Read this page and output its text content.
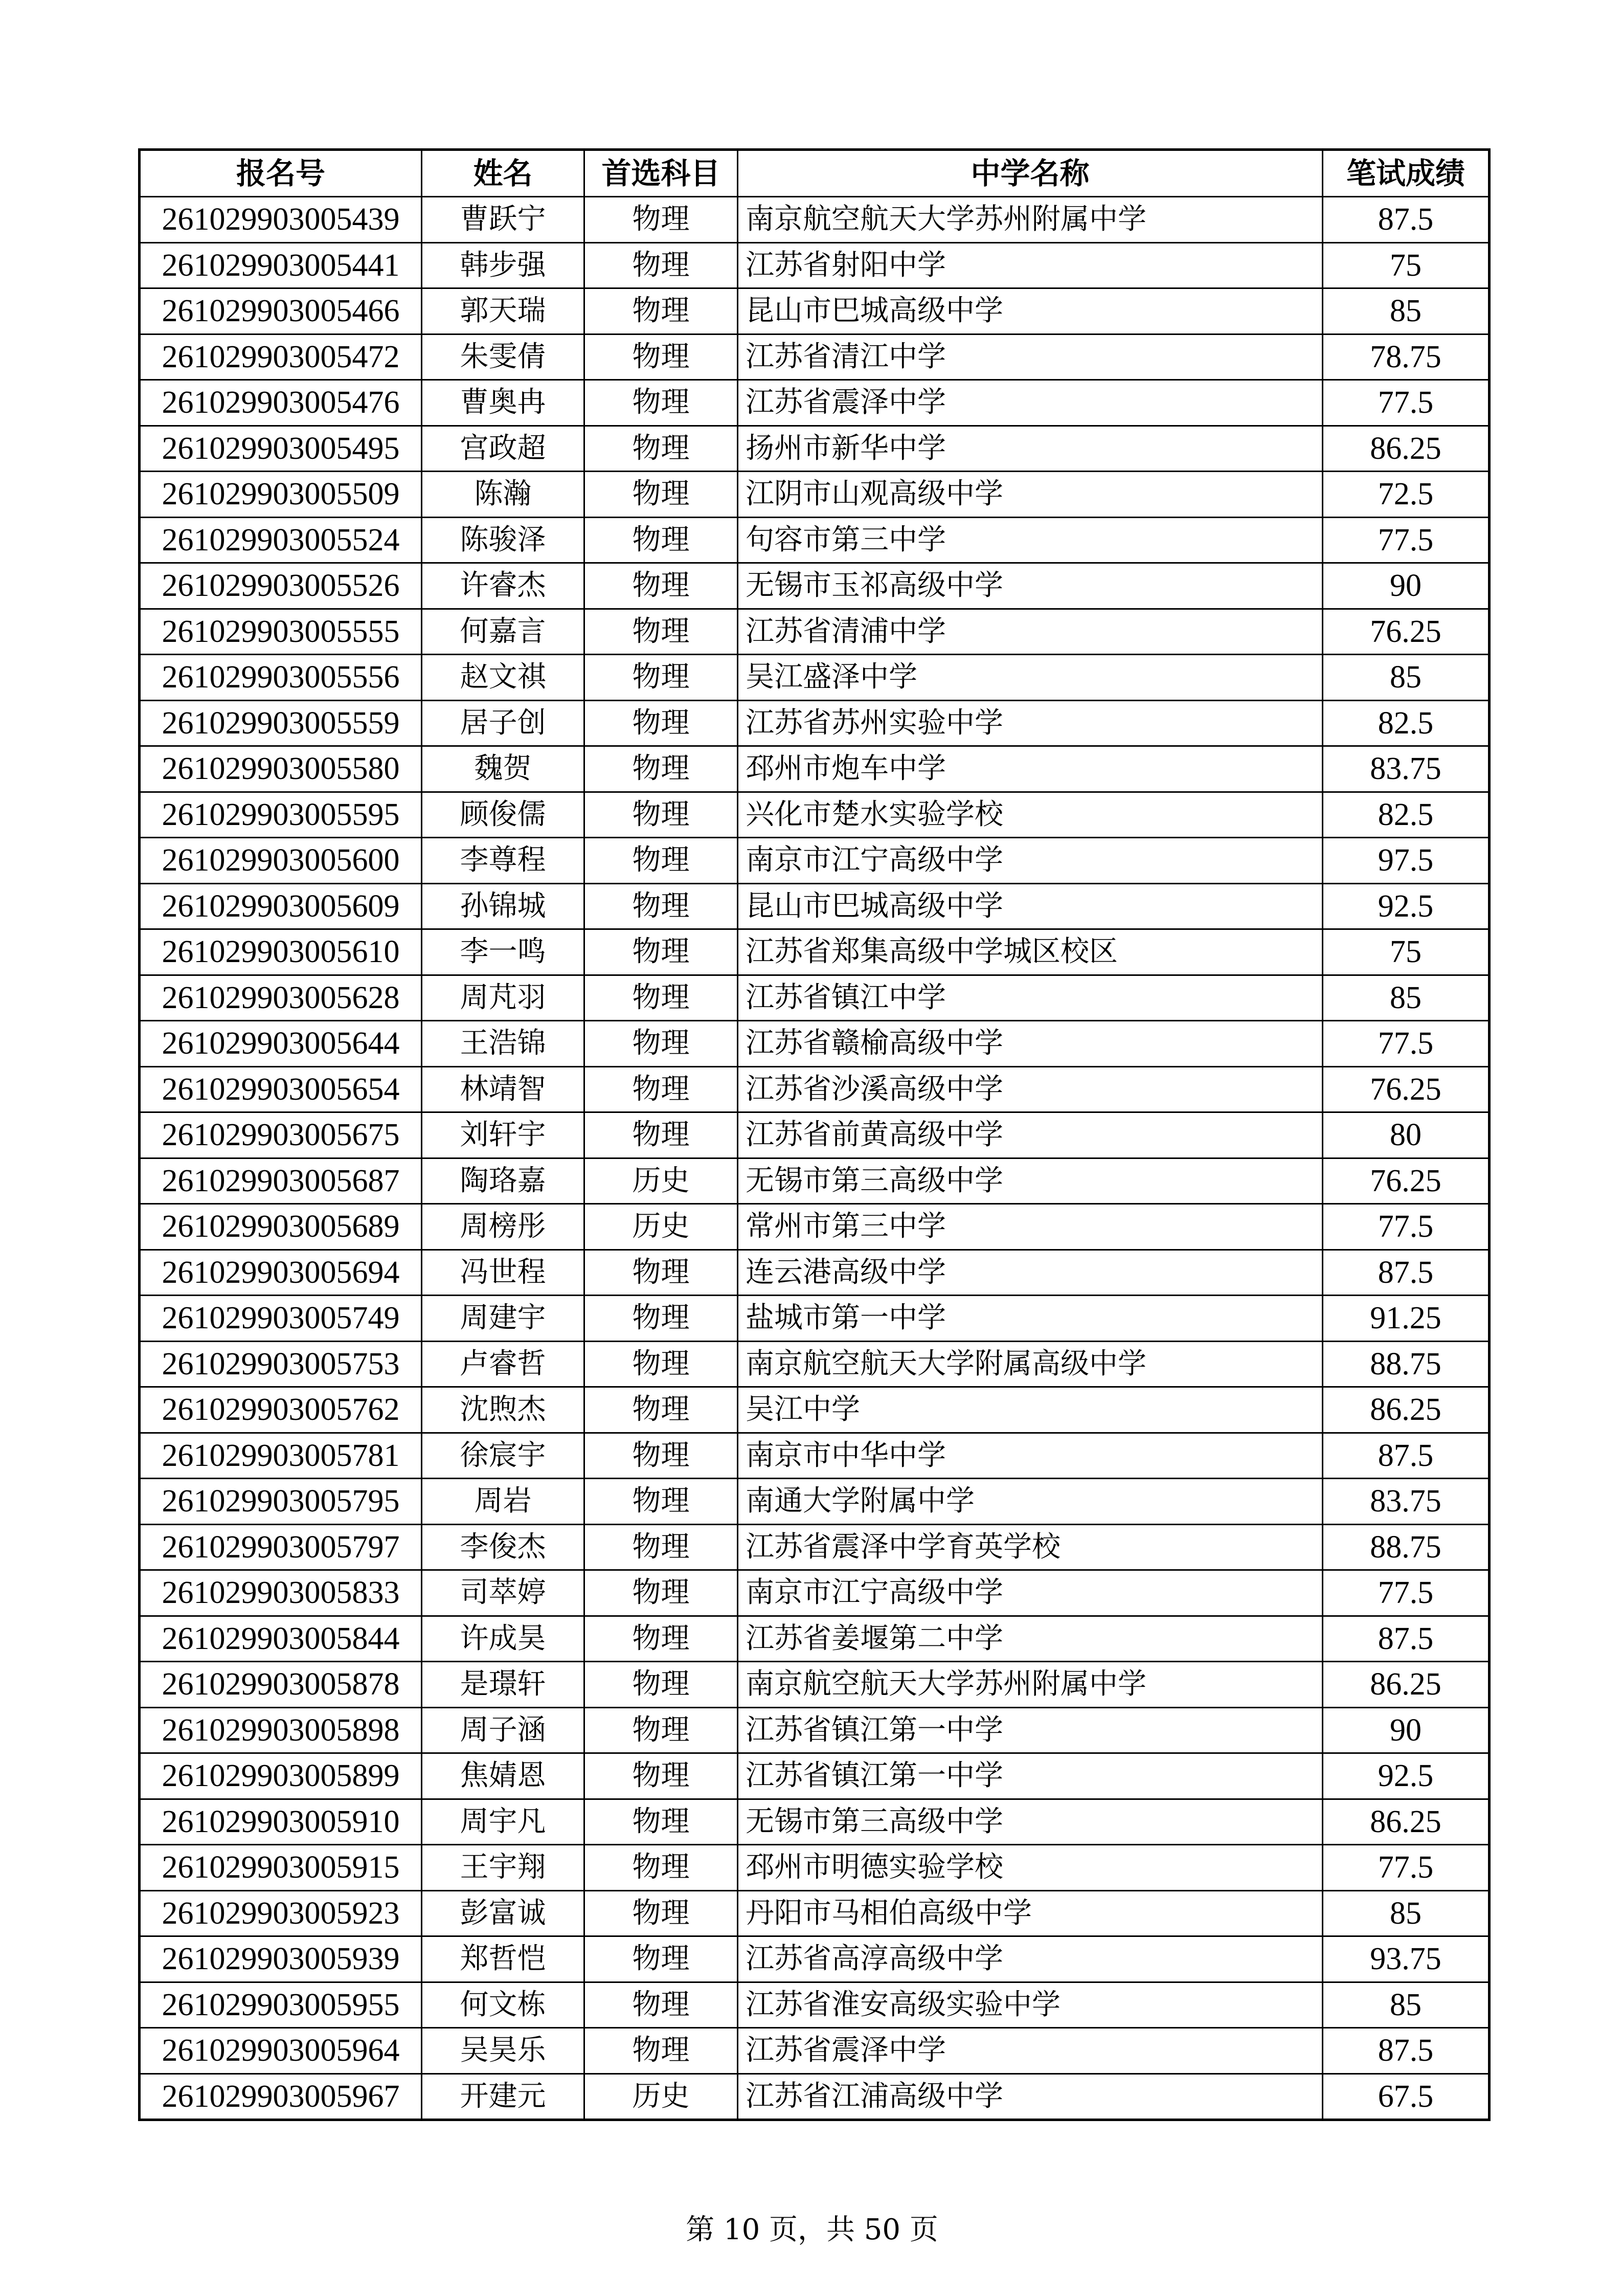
报名号	姓名	首选科目	中学名称	笔试成绩
261029903005439	曹跃宁	物理	南京航空航天大学苏州附属中学	87.5
261029903005441	韩步强	物理	江苏省射阳中学	75
261029903005466	郭天瑞	物理	昆山市巴城高级中学	85
261029903005472	朱雯倩	物理	江苏省清江中学	78.75
261029903005476	曹奥冉	物理	江苏省震泽中学	77.5
261029903005495	宫政超	物理	扬州市新华中学	86.25
261029903005509	陈瀚	物理	江阴市山观高级中学	72.5
261029903005524	陈骏泽	物理	句容市第三中学	77.5
261029903005526	许睿杰	物理	无锡市玉祁高级中学	90
261029903005555	何嘉言	物理	江苏省清浦中学	76.25
261029903005556	赵文祺	物理	吴江盛泽中学	85
261029903005559	居子创	物理	江苏省苏州实验中学	82.5
261029903005580	魏贺	物理	邳州市炮车中学	83.75
261029903005595	顾俊儒	物理	兴化市楚水实验学校	82.5
261029903005600	李尊程	物理	南京市江宁高级中学	97.5
261029903005609	孙锦城	物理	昆山市巴城高级中学	92.5
261029903005610	李一鸣	物理	江苏省郑集高级中学城区校区	75
261029903005628	周芃羽	物理	江苏省镇江中学	85
261029903005644	王浩锦	物理	江苏省赣榆高级中学	77.5
261029903005654	林靖智	物理	江苏省沙溪高级中学	76.25
261029903005675	刘轩宇	物理	江苏省前黄高级中学	80
261029903005687	陶珞嘉	历史	无锡市第三高级中学	76.25
261029903005689	周榜彤	历史	常州市第三中学	77.5
261029903005694	冯世程	物理	连云港高级中学	87.5
261029903005749	周建宇	物理	盐城市第一中学	91.25
261029903005753	卢睿哲	物理	南京航空航天大学附属高级中学	88.75
261029903005762	沈煦杰	物理	吴江中学	86.25
261029903005781	徐宸宇	物理	南京市中华中学	87.5
261029903005795	周岩	物理	南通大学附属中学	83.75
261029903005797	李俊杰	物理	江苏省震泽中学育英学校	88.75
261029903005833	司萃婷	物理	南京市江宁高级中学	77.5
261029903005844	许成昊	物理	江苏省姜堰第二中学	87.5
261029903005878	是璟轩	物理	南京航空航天大学苏州附属中学	86.25
261029903005898	周子涵	物理	江苏省镇江第一中学	90
261029903005899	焦婧恩	物理	江苏省镇江第一中学	92.5
261029903005910	周宇凡	物理	无锡市第三高级中学	86.25
261029903005915	王宇翔	物理	邳州市明德实验学校	77.5
261029903005923	彭富诚	物理	丹阳市马相伯高级中学	85
261029903005939	郑哲恺	物理	江苏省高淳高级中学	93.75
261029903005955	何文栋	物理	江苏省淮安高级实验中学	85
261029903005964	吴昊乐	物理	江苏省震泽中学	87.5
261029903005967	开建元	历史	江苏省江浦高级中学	67.5
第 10 页，共 50 页
